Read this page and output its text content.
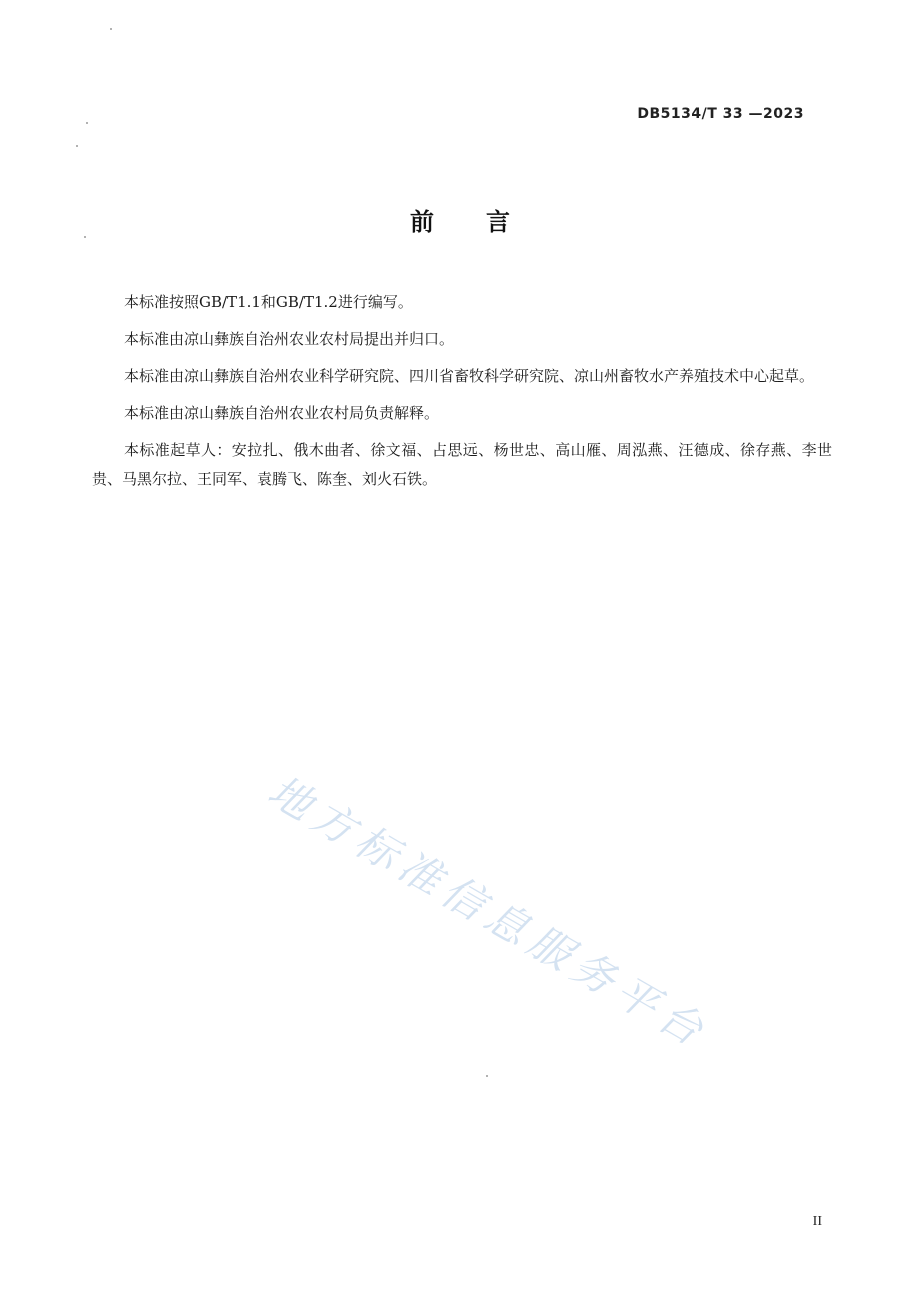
DB5134/T 33 —2023
前 言

本标准按照GB/T1.1和GB/T1.2进行编写。

本标准由凉山彝族自治州农业农村局提出并归口。

本标准由凉山彝族自治州农业科学研究院、四川省畜牧科学研究院、凉山州畜牧水产养殖技术中心起草。

本标准由凉山彝族自治州农业农村局负责解释。

本标准起草人：安拉扎、俄木曲者、徐文福、占思远、杨世忠、高山雁、周泓燕、汪德成、徐存燕、李世贵、马黑尔拉、王同军、袁腾飞、陈奎、刘火石铁。

地方标准信息服务平台
II
